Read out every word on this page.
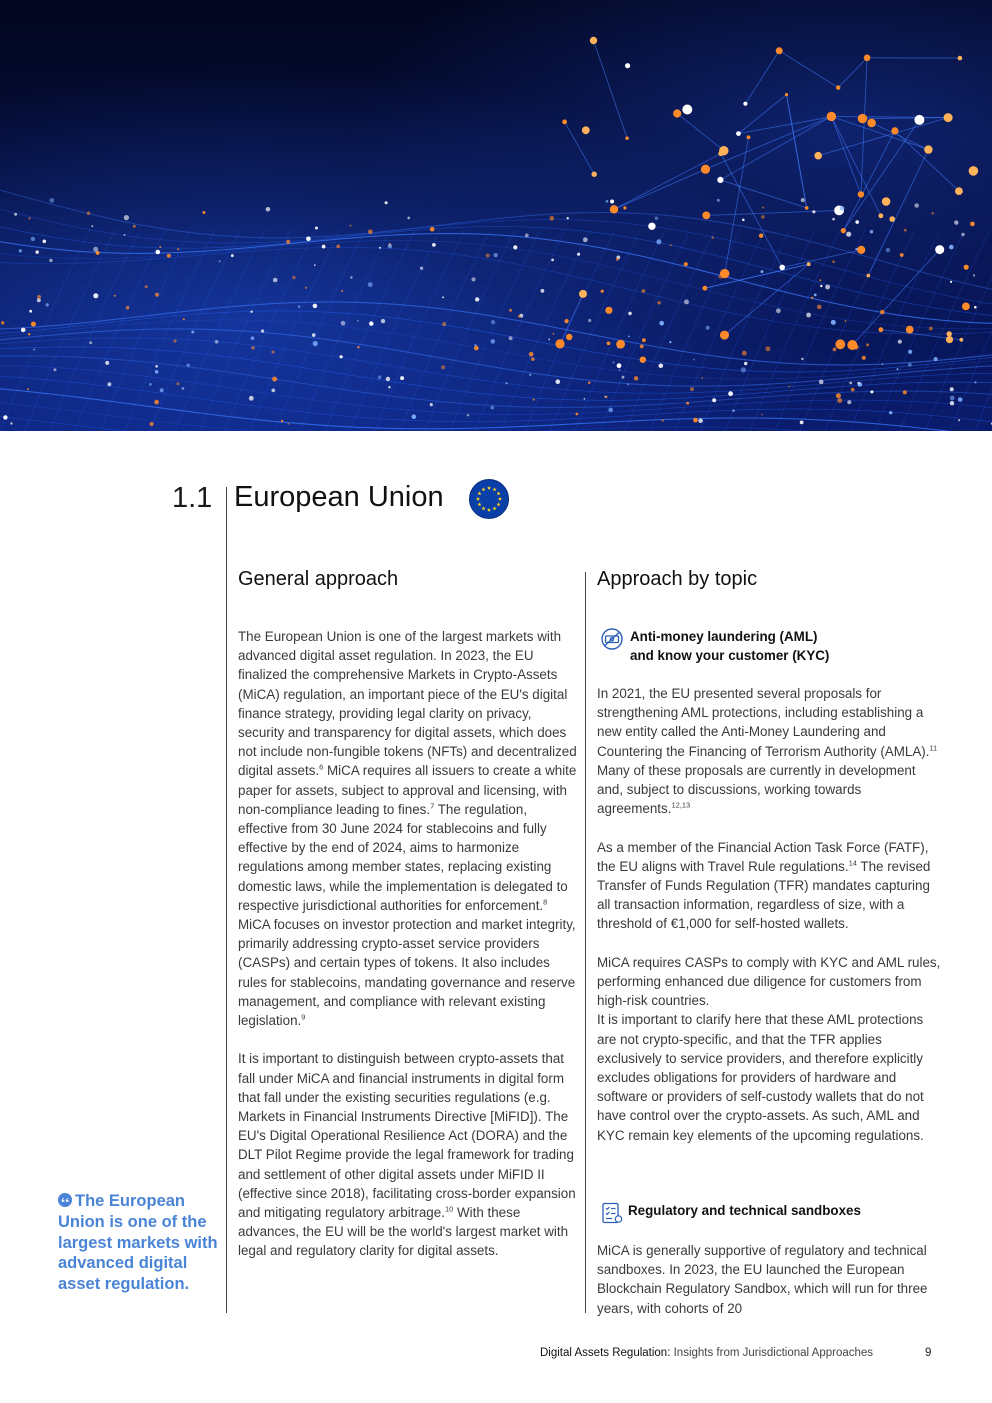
1.1 European Union
General approach	Approach by topic

The European Union is one of the largest markets with advanced digital asset regulation. In 2023, the EU finalized the comprehensive Markets in Crypto-Assets (MiCA) regulation, an important piece of the EU's digital finance strategy, providing legal clarity on privacy, security and transparency for digital assets, which does not include non-fungible tokens (NFTs) and decentralized digital assets.$^6$ MiCA requires all issuers to create a white paper for assets, subject to approval and licensing, with non-compliance leading to fines.$^7$ The regulation, effective from 30 June 2024 for stablecoins and fully effective by the end of 2024, aims to harmonize regulations among member states, replacing existing domestic laws, while the implementation is delegated to respective jurisdictional authorities for enforcement.$^8$ MiCA focuses on investor protection and market integrity, primarily addressing crypto-asset service providers (CASPs) and certain types of tokens. It also includes rules for stablecoins, mandating governance and reserve management, and compliance with relevant existing legislation.$^9$

It is important to distinguish between crypto-assets that fall under MiCA and financial instruments in digital form that fall under the existing securities regulations (e.g. Markets in Financial Instruments Directive [MiFID]). The EU's Digital Operational Resilience Act (DORA) and the DLT Pilot Regime provide the legal framework for trading and settlement of other digital assets under MiFID II (effective since 2018), facilitating cross-border expansion and mitigating regulatory arbitrage.$^{10}$ With these advances, the EU will be the world's largest market with legal and regulatory clarity for digital assets.

Anti-money laundering (AML)
and know your customer (KYC)

In 2021, the EU presented several proposals for strengthening AML protections, including establishing a new entity called the Anti-Money Laundering and Countering the Financing of Terrorism Authority (AMLA).$^{11}$ Many of these proposals are currently in development and, subject to discussions, working towards agreements.$^{12,13}$

As a member of the Financial Action Task Force (FATF), the EU aligns with Travel Rule regulations.$^{14}$ The revised Transfer of Funds Regulation (TFR) mandates capturing all transaction information, regardless of size, with a threshold of €1,000 for self-hosted wallets.

MiCA requires CASPs to comply with KYC and AML rules, performing enhanced due diligence for customers from high-risk countries.

It is important to clarify here that these AML protections are not crypto-specific, and that the TFR applies exclusively to service providers, and therefore explicitly excludes obligations for providers of hardware and software or providers of self-custody wallets that do not have control over the crypto-assets. As such, AML and KYC remain key elements of the upcoming regulations.

Regulatory and technical sandboxes

MiCA is generally supportive of regulatory and technical sandboxes. In 2023, the EU launched the European Blockchain Regulatory Sandbox, which will run for three years, with cohorts of 20

The European Union is one of the largest markets with advanced digital asset regulation.
Digital Assets Regulation: Insights from Jurisdictional Approaches	9
